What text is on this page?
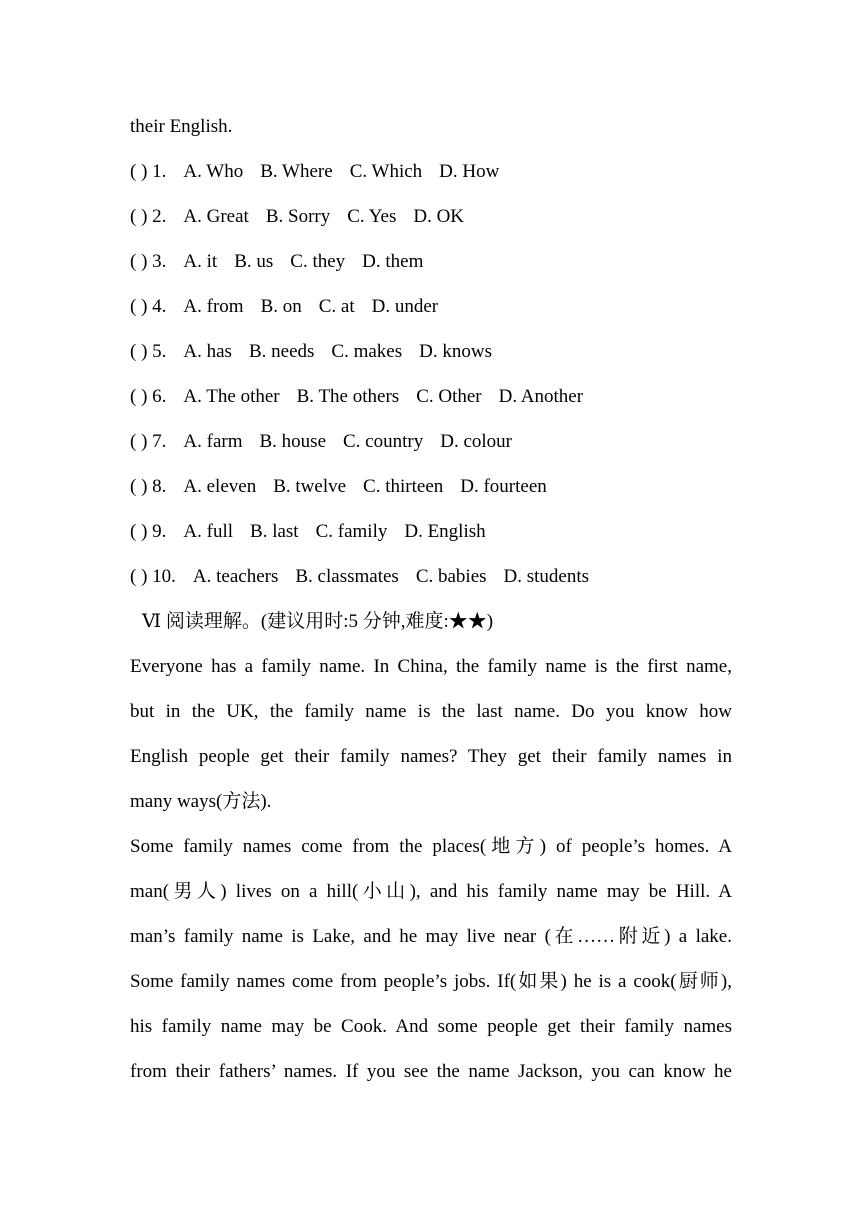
their English.
( ) 1. A. Who B. Where C. Which D. How
( ) 2. A. Great B. Sorry C. Yes D. OK
( ) 3. A. it B. us C. they D. them
( ) 4. A. from B. on C. at D. under
( ) 5. A. has B. needs C. makes D. knows
( ) 6. A. The other B. The others C. Other D. Another
( ) 7. A. farm B. house C. country D. colour
( ) 8. A. eleven B. twelve C. thirteen D. fourteen
( ) 9. A. full B. last C. family D. English
( ) 10. A. teachers B. classmates C. babies D. students
Ⅵ 阅读理解。(建议用时:5 分钟,难度:★★)
Everyone has a family name. In China, the family name is the first name,
but in the UK, the family name is the last name. Do you know how
English people get their family names? They get their family names in
many ways(方法).
Some family names come from the places(地方) of people’s homes. A
man(男人) lives on a hill(小山), and his family name may be Hill. A
man’s family name is Lake, and he may live near (在……附近) a lake.
Some family names come from people’s jobs. If(如果) he is a cook(厨师),
his family name may be Cook. And some people get their family names
from their fathers’ names. If you see the name Jackson, you can know he
